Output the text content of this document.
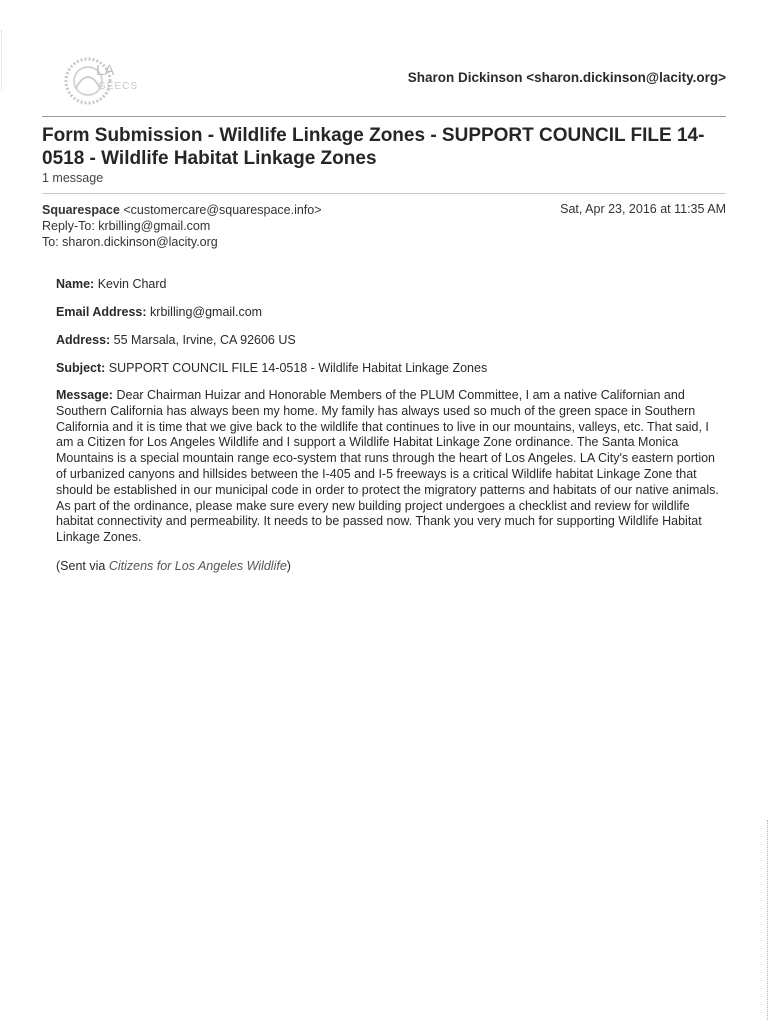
LA
GEECS
Sharon Dickinson <sharon.dickinson@lacity.org>
Form Submission - Wildlife Linkage Zones - SUPPORT COUNCIL FILE 14-0518 - Wildlife Habitat Linkage Zones
1 message
Squarespace <customercare@squarespace.info>
Reply-To: krbilling@gmail.com
To: sharon.dickinson@lacity.org
Sat, Apr 23, 2016 at 11:35 AM
Name: Kevin Chard
Email Address: krbilling@gmail.com
Address: 55 Marsala, Irvine, CA 92606 US
Subject: SUPPORT COUNCIL FILE 14-0518 - Wildlife Habitat Linkage Zones
Message: Dear Chairman Huizar and Honorable Members of the PLUM Committee, I am a native Californian and Southern California has always been my home. My family has always used so much of the green space in Southern California and it is time that we give back to the wildlife that continues to live in our mountains, valleys, etc. That said, I am a Citizen for Los Angeles Wildlife and I support a Wildlife Habitat Linkage Zone ordinance. The Santa Monica Mountains is a special mountain range eco-system that runs through the heart of Los Angeles. LA City's eastern portion of urbanized canyons and hillsides between the I-405 and I-5 freeways is a critical Wildlife habitat Linkage Zone that should be established in our municipal code in order to protect the migratory patterns and habitats of our native animals. As part of the ordinance, please make sure every new building project undergoes a checklist and review for wildlife habitat connectivity and permeability. It needs to be passed now. Thank you very much for supporting Wildlife Habitat Linkage Zones.
(Sent via Citizens for Los Angeles Wildlife)
